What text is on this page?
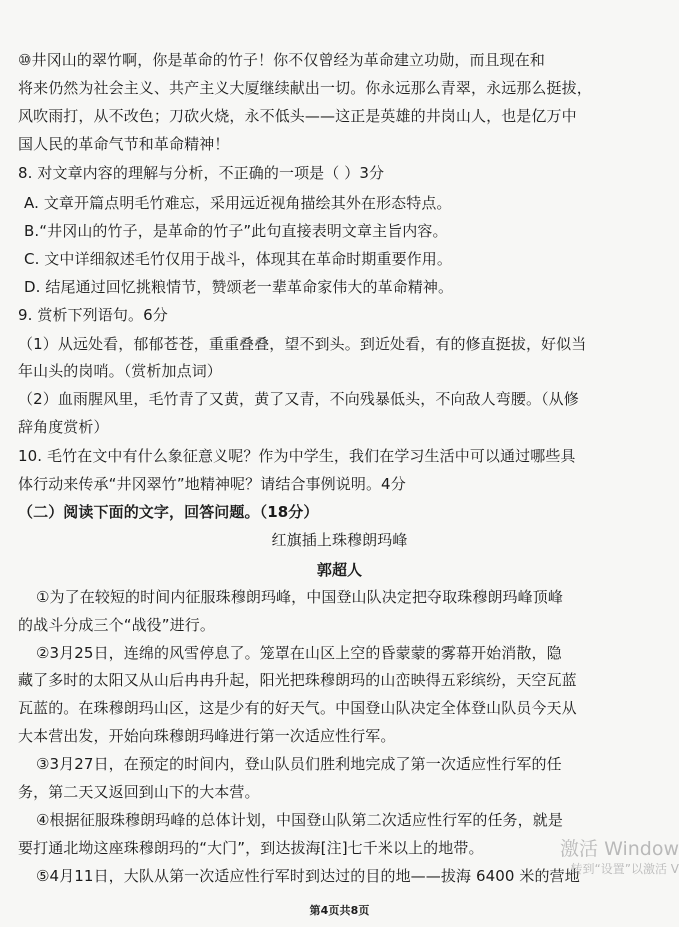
⑩井冈山的翠竹啊，你是革命的竹子！你不仅曾经为革命建立功勋，而且现在和
将来仍然为社会主义、共产主义大厦继续献出一切。你永远那么青翠，永远那么挺拔，
风吹雨打，从不改色；刀砍火烧，永不低头——这正是英雄的井岗山人，也是亿万中
国人民的革命气节和革命精神！
8. 对文章内容的理解与分析，不正确的一项是（ ）3分
A. 文章开篇点明毛竹难忘，采用远近视角描绘其外在形态特点。
B.“井冈山的竹子，是革命的竹子”此句直接表明文章主旨内容。
C. 文中详细叙述毛竹仅用于战斗，体现其在革命时期重要作用。
D. 结尾通过回忆挑粮情节，赞颂老一辈革命家伟大的革命精神。
9. 赏析下列语句。6分
（1）从远处看，郁郁苍苍，重重叠叠，望不到头。到近处看，有的修直挺拔，好似当
年山头的岗哨。（赏析加点词）
（2）血雨腥风里，毛竹青了又黄，黄了又青，不向残暴低头，不向敌人弯腰。（从修
辞角度赏析）
10. 毛竹在文中有什么象征意义呢？作为中学生，我们在学习生活中可以通过哪些具
体行动来传承“井冈翠竹”地精神呢？请结合事例说明。4分
（二）阅读下面的文字，回答问题。（18分）
红旗插上珠穆朗玛峰
郭超人
①为了在较短的时间内征服珠穆朗玛峰，中国登山队决定把夺取珠穆朗玛峰顶峰
的战斗分成三个“战役”进行。
②3月25日，连绵的风雪停息了。笼罩在山区上空的昏蒙蒙的雾幕开始消散，隐
藏了多时的太阳又从山后冉冉升起，阳光把珠穆朗玛的山峦映得五彩缤纷，天空瓦蓝
瓦蓝的。在珠穆朗玛山区，这是少有的好天气。中国登山队决定全体登山队员今天从
大本营出发，开始向珠穆朗玛峰进行第一次适应性行军。
③3月27日，在预定的时间内，登山队员们胜利地完成了第一次适应性行军的任
务，第二天又返回到山下的大本营。
④根据征服珠穆朗玛峰的总体计划，中国登山队第二次适应性行军的任务，就是
要打通北坳这座珠穆朗玛的“大门”，到达拔海[注]七千米以上的地带。
⑤4月11日，大队从第一次适应性行军时到达过的目的地——拔海 6400 米的营地
第4页共8页
激活 Window
转到“设置”以激活 V
